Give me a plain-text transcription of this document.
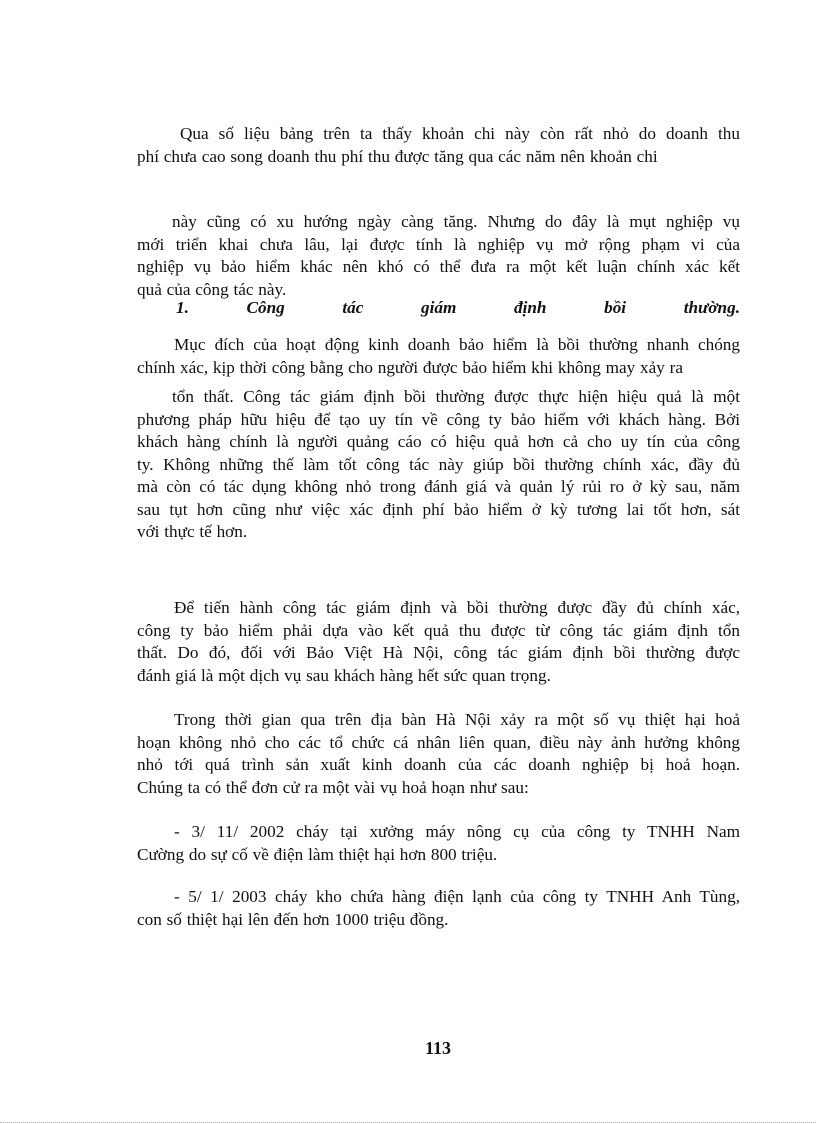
Qua số liệu bảng trên ta thấy khoản chi này còn rất nhỏ do doanh thu
phí chưa cao song doanh thu phí thu được tăng qua các năm nên khoản chi
này cũng có xu hướng ngày càng tăng. Nhưng do đây là mụt nghiệp vụ
mới triển khai chưa lâu, lại được tính là nghiệp vụ mở rộng phạm vi của
nghiệp vụ bảo hiểm khác nên khó có thể đưa ra một kết luận chính xác kết
quả của công tác này.
1. Công tác giám định bồi thường.
Mục đích của hoạt động kinh doanh bảo hiểm là bồi thường nhanh chóng
chính xác, kịp thời công bằng cho người được bảo hiểm khi không may xảy ra
tổn thất. Công tác giám định bồi thường được thực hiện hiệu quả là một
phương pháp hữu hiệu để tạo uy tín về công ty bảo hiểm với khách hàng. Bởi
khách hàng chính là người quảng cáo có hiệu quả hơn cả cho uy tín của công
ty. Không những thế làm tốt công tác này giúp bồi thường chính xác, đầy đủ
mà còn có tác dụng không nhỏ trong đánh giá và quản lý rủi ro ở kỳ sau, năm
sau tụt hơn cũng như việc xác định phí bảo hiểm ở kỳ tương lai tốt hơn, sát
với thực tế hơn.
Để tiến hành công tác giám định và bồi thường được đầy đủ chính xác,
công ty bảo hiểm phải dựa vào kết quả thu được từ công tác giám định tổn
thất. Do đó, đối với Bảo Việt Hà Nội, công tác giám định bồi thường được
đánh giá là một dịch vụ sau khách hàng hết sức quan trọng.
Trong thời gian qua trên địa bàn Hà Nội xảy ra một số vụ thiệt hại hoả
hoạn không nhỏ cho các tổ chức cá nhân liên quan, điều này ảnh hưởng không
nhỏ tới quá trình sản xuất kinh doanh của các doanh nghiệp bị hoả hoạn.
Chúng ta có thể đơn cử ra một vài vụ hoả hoạn như sau:
- 3/ 11/ 2002 cháy tại xưởng máy nông cụ của công ty TNHH Nam
Cường do sự cố về điện làm thiệt hại hơn 800 triệu.
- 5/ 1/ 2003 cháy kho chứa hàng điện lạnh của công ty TNHH Anh Tùng,
con số thiệt hại lên đến hơn 1000 triệu đồng.
113
